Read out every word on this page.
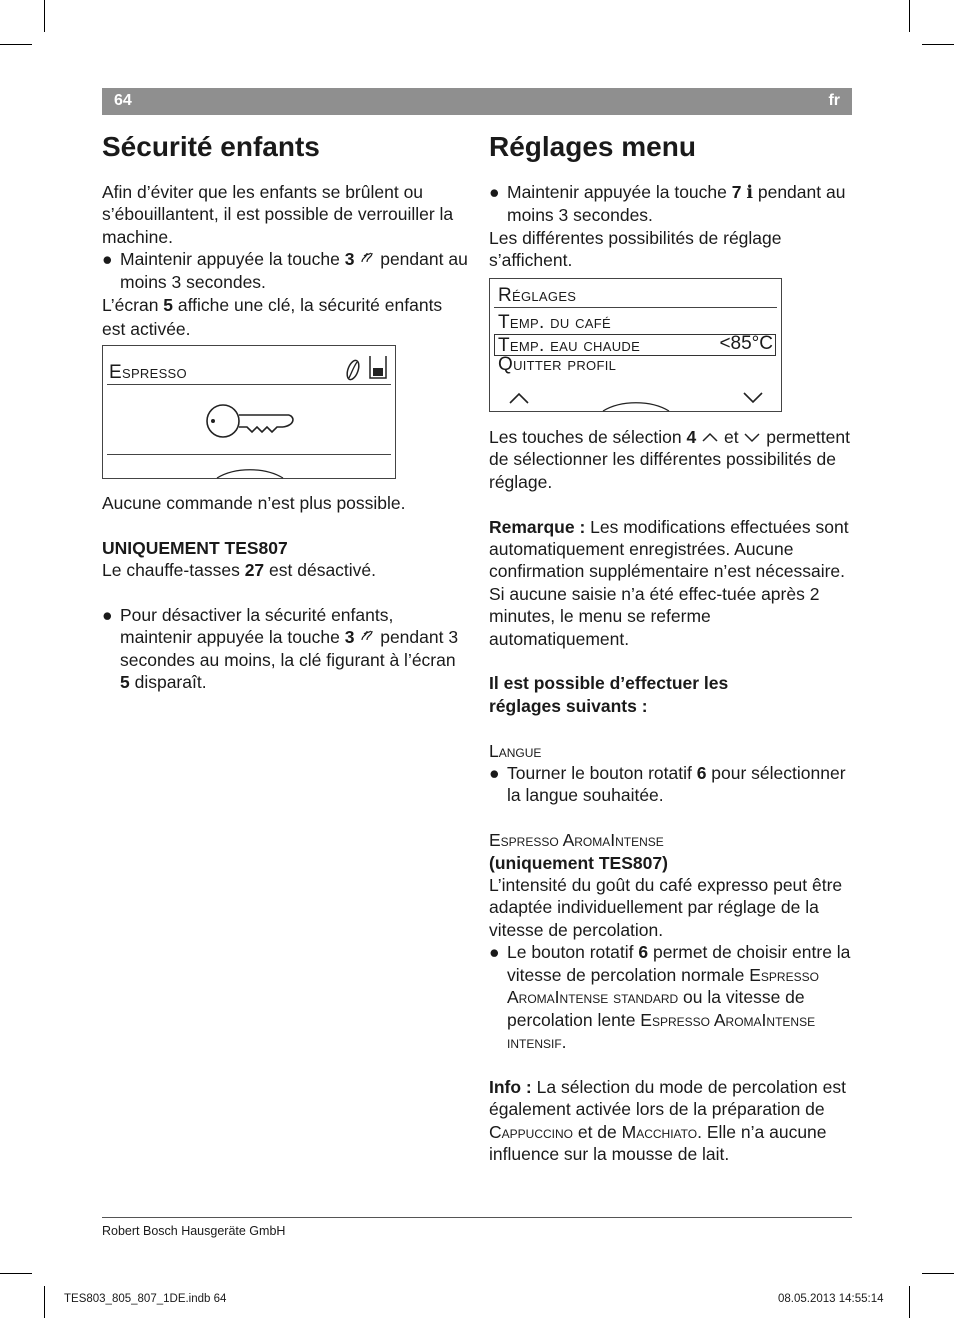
64	fr
Sécurité enfants

Afin d’éviter que les enfants se brûlent ou s’ébouillantent, il est possible de verrouiller la machine.

● Maintenir appuyée la touche 3  pendant au moins 3 secondes.

L’écran 5 affiche une clé, la sécurité enfants est activée.

Espresso

Aucune commande n’est plus possible.

UNIQUEMENT TES807

Le chauffe-tasses 27 est désactivé.

● Pour désactiver la sécurité enfants, maintenir appuyée la touche 3  pendant 3 secondes au moins, la clé figurant à l’écran 5 disparaît.
Réglages menu
● Maintenir appuyée la touche 7 i pendant au moins 3 secondes.

Les différentes possibilités de réglage s’affichent.

Réglages
Temp. du café
Temp. eau chaude	<85°C
Quitter profil

Les touches de sélection 4  et  permettent de sélectionner les différentes possibilités de réglage.

Remarque : Les modifications effectuées sont automatiquement enregistrées. Aucune confirmation supplémentaire n’est nécessaire. Si aucune saisie n’a été effec-tuée après 2 minutes, le menu se referme automatiquement.

Il est possible d’effectuer les réglages suivants :

Langue

● Tourner le bouton rotatif 6 pour sélectionner la langue souhaitée.

Espresso AromaIntense

(uniquement TES807)

L’intensité du goût du café expresso peut être adaptée individuellement par réglage de la vitesse de percolation.

● Le bouton rotatif 6 permet de choisir entre la vitesse de percolation normale Espresso AromaIntense standard ou la vitesse de percolation lente Espresso AromaIntense intensif.

Info : La sélection du mode de percolation est également activée lors de la préparation de Cappuccino et de Macchiato. Elle n’a aucune influence sur la mousse de lait.

Robert Bosch Hausgeräte GmbH
TES803_805_807_1DE.indb 64	08.05.2013 14:55:14
